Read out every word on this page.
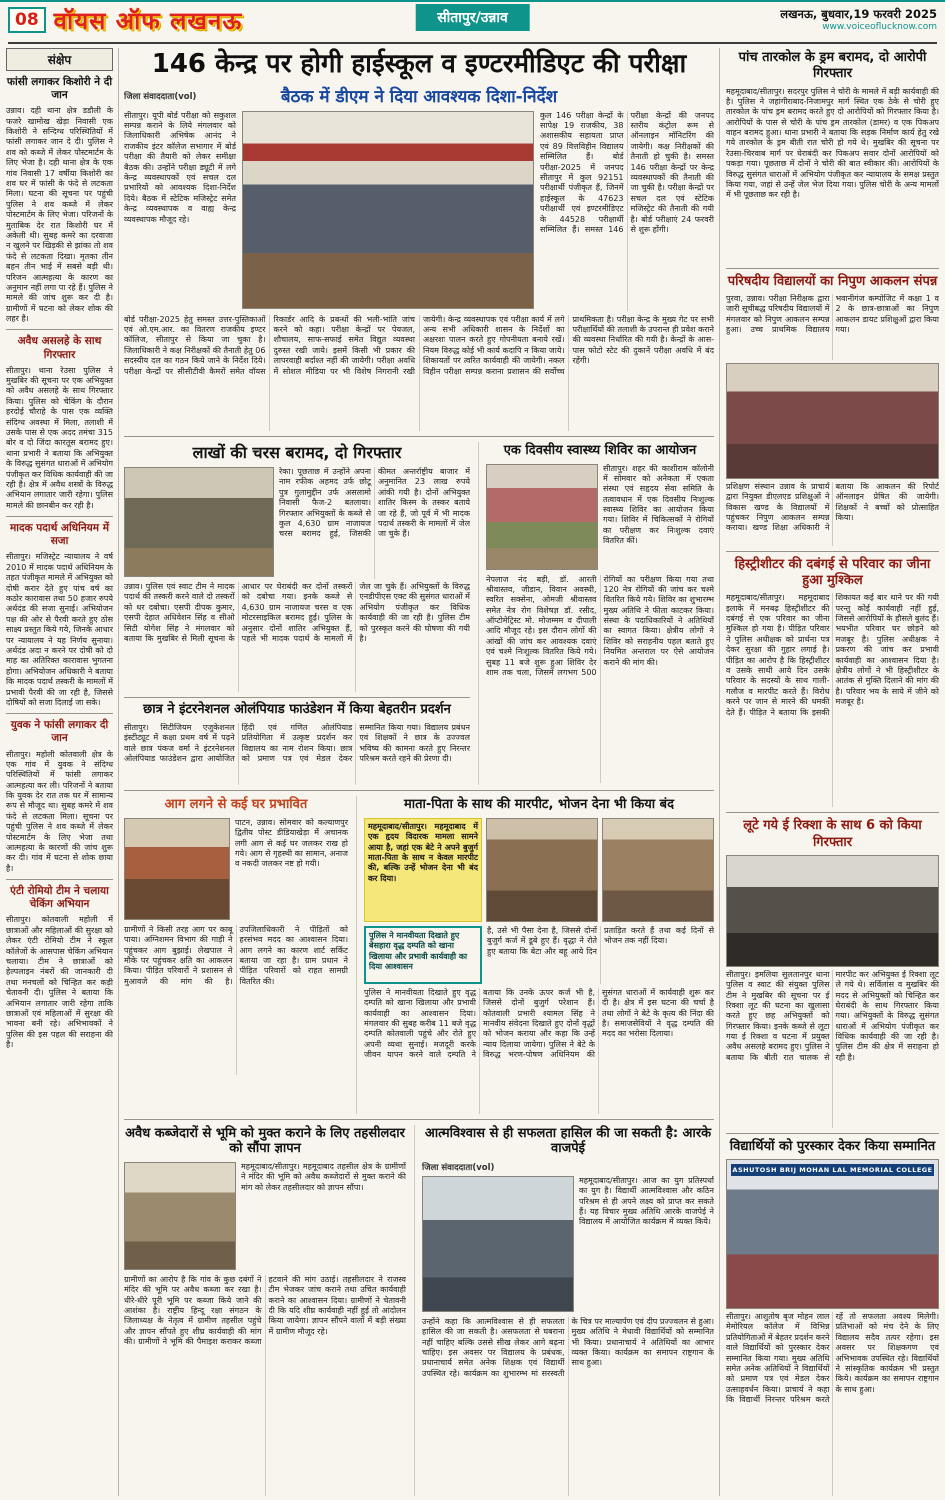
08 वॉयस ऑफ लखनऊ	लखनऊ, बुधवार,19 फरवरी 2025
www.voiceoflucknow.com
सीतापुर/उन्नाव
संक्षेप
फांसी लगाकर किशोरी ने दी जान

उन्नाव। दही थाना क्षेत्र डडौली के फजरे खामोख खेड़ा निवासी एक किशोरी ने सन्दिग्ध परिस्थितियों में फांसी लगाकर जान दे दी। पुलिस ने शव को कब्जे में लेकर पोस्टमार्टम के लिए भेजा है। दही थाना क्षेत्र के एक गांव निवासी 17 वर्षीया किशोरी का शव घर में फांसी के फंदे से लटकता मिला। घटना की सूचना पर पहुंची पुलिस ने शव कब्जे में लेकर पोस्टमार्टम के लिए भेजा। परिजनों के मुताबिक देर रात किशोरी घर में अकेली थी। सुबह कमरे का दरवाजा न खुलने पर खिड़की से झांका तो शव फंदे से लटकता दिखा। मृतका तीन बहन तीन भाई में सबसे बड़ी थी। परिजन आत्महत्या के कारण का अनुमान नहीं लगा पा रहे हैं। पुलिस ने मामले की जांच शुरू कर दी है। ग्रामीणों में घटना को लेकर शोक की लहर है।

अवैध असलहे के साथ गिरफ्तार

सीतापुर। थाना रेउसा पुलिस ने मुखबिर की सूचना पर एक अभियुक्त को अवैध असलहे के साथ गिरफ्तार किया। पुलिस को चेकिंग के दौरान हरदोई चौराहे के पास एक व्यक्ति संदिग्ध अवस्था में मिला, तलाशी में उसके पास से एक अदद तमंचा 315 बोर व दो जिंदा कारतूस बरामद हुए। थाना प्रभारी ने बताया कि अभियुक्त के विरुद्ध सुसंगत धाराओं में अभियोग पंजीकृत कर विधिक कार्यवाही की जा रही है। क्षेत्र में अवैध शस्त्रों के विरुद्ध अभियान लगातार जारी रहेगा। पुलिस मामले की छानबीन कर रही है।

मादक पदार्थ अधिनियम में सजा

सीतापुर। मजिस्ट्रेट न्यायालय ने वर्ष 2010 में मादक पदार्थ अधिनियम के तहत पंजीकृत मामले में अभियुक्त को दोषी करार देते हुए पांच वर्ष का कठोर कारावास तथा 50 हजार रुपये अर्थदंड की सजा सुनाई। अभियोजन पक्ष की ओर से पैरवी करते हुए ठोस साक्ष्य प्रस्तुत किये गये, जिनके आधार पर न्यायालय ने यह निर्णय सुनाया। अर्थदंड अदा न करने पर दोषी को दो माह का अतिरिक्त कारावास भुगतना होगा। अभियोजन अधिकारी ने बताया कि मादक पदार्थ तस्करी के मामलों में प्रभावी पैरवी की जा रही है, जिससे दोषियों को सजा दिलाई जा सके।

युवक ने फांसी लगाकर दी जान

सीतापुर। महोली कोतवाली क्षेत्र के एक गांव में युवक ने संदिग्ध परिस्थितियों में फांसी लगाकर आत्महत्या कर ली। परिजनों ने बताया कि युवक देर रात तक घर में सामान्य रूप से मौजूद था। सुबह कमरे में शव फंदे से लटकता मिला। सूचना पर पहुंची पुलिस ने शव कब्जे में लेकर पोस्टमार्टम के लिए भेजा तथा आत्महत्या के कारणों की जांच शुरू कर दी। गांव में घटना से शोक छाया है।

एंटी रोमियो टीम ने चलाया चेकिंग अभियान

सीतापुर। कोतवाली महोली में छात्राओं और महिलाओं की सुरक्षा को लेकर एंटी रोमियो टीम ने स्कूल कॉलेजों के आसपास चेकिंग अभियान चलाया। टीम ने छात्राओं को हेल्पलाइन नंबरों की जानकारी दी तथा मनचलों को चिन्हित कर कड़ी चेतावनी दी। पुलिस ने बताया कि अभियान लगातार जारी रहेगा ताकि छात्राओं एवं महिलाओं में सुरक्षा की भावना बनी रहे। अभिभावकों ने पुलिस की इस पहल की सराहना की है।

146 केन्द्र पर होगी हाईस्कूल व इण्टरमीडिएट की परीक्षा
जिला संवाददाता(vol)	बैठक में डीएम ने दिया आवश्यक दिशा-निर्देश

सीतापुर। यूपी बोर्ड परीक्षा को सकुशल सम्पन्न कराने के लिये मंगलवार को जिलाधिकारी अभिषेक आनंद ने राजकीय इंटर कॉलेज सभागार में बोर्ड परीक्षा की तैयारी को लेकर समीक्षा बैठक की। उन्होंने परीक्षा ड्यूटी में लगे केन्द्र व्यवस्थापकों एवं सचल दल प्रभारियों को आवश्यक दिशा-निर्देश दिये। बैठक में स्टेटिक मजिस्ट्रेट समेत केन्द्र व्यवस्थापक व वाह्य केन्द्र व्यवस्थापक मौजूद रहे।

कुल 146 परीक्षा केन्द्रों के सापेक्ष 19 राजकीय, 38 अशासकीय सहायता प्राप्त एवं 89 वित्तविहीन विद्यालय सम्मिलित हैं। बोर्ड परीक्षा-2025 में जनपद सीतापुर में कुल 92151 परीक्षार्थी पंजीकृत हैं, जिनमें हाईस्कूल के 47623 परीक्षार्थी एवं इण्टरमीडिएट के 44528 परीक्षार्थी सम्मिलित हैं। समस्त 146 परीक्षा केन्द्रों की जनपद स्तरीय कंट्रोल रूम से ऑनलाइन मॉनिटरिंग की जायेगी। कक्ष निरीक्षकों की तैनाती हो चुकी है। समस्त 146 परीक्षा केन्द्रों पर केन्द्र व्यवस्थापकों की तैनाती की जा चुकी है। परीक्षा केन्द्रों पर सचल दल एवं स्टेटिक मजिस्ट्रेट की तैनाती की गयी है। बोर्ड परीक्षाएं 24 फरवरी से शुरू होंगी।

बोर्ड परीक्षा-2025 हेतु समस्त उत्तर-पुस्तिकाओं एवं ओ.एम.आर. का वितरण राजकीय इण्टर कॉलिज, सीतापुर से किया जा चुका है। जिलाधिकारी ने कक्ष निरीक्षकों की तैनाती हेतु 06 सदस्यीय दल का गठन किये जाने के निर्देश दिये। परीक्षा केन्द्रों पर सीसीटीवी कैमरों समेत वॉयस रिकार्डर आदि के प्रबन्धों की भली-भांति जांच करने को कहा। परीक्षा केन्द्रों पर पेयजल, शौचालय, साफ-सफाई समेत विद्युत व्यवस्था दुरुस्त रखी जाये। इसमें किसी भी प्रकार की लापरवाही बर्दाश्त नहीं की जायेगी। परीक्षा अवधि में सोशल मीडिया पर भी विशेष निगरानी रखी जायेगी। केन्द्र व्यवस्थापक एवं परीक्षा कार्य में लगे अन्य सभी अधिकारी शासन के निर्देशों का अक्षरशः पालन करते हुए गोपनीयता बनाये रखें। नियम विरुद्ध कोई भी कार्य कदापि न किया जाये। शिकायतों पर त्वरित कार्यवाही की जायेगी। नकल विहीन परीक्षा सम्पन्न कराना प्रशासन की सर्वोच्च प्राथमिकता है। परीक्षा केन्द्र के मुख्य गेट पर सभी परीक्षार्थियों की तलाशी के उपरान्त ही प्रवेश कराने की व्यवस्था निर्धारित की गयी है। केन्द्रों के आस-पास फोटो स्टेट की दुकानें परीक्षा अवधि में बंद रहेंगी।

लाखों की चरस बरामद, दो गिरफ्तार

रेका। पूछताछ में उन्होंने अपना नाम रफीक अहमद उर्फ छोटू पुत्र गुलामुद्दीन उर्फ असलामो निवासी फैज-2 बतलाया। गिरफ्तार अभियुक्तों के कब्जे से कुल 4,630 ग्राम नाजायज चरस बरामद हुई, जिसकी कीमत अन्तर्राष्ट्रीय बाजार में अनुमानित 23 लाख रुपये आंकी गयी है। दोनों अभियुक्त शातिर किस्म के तस्कर बताये जा रहे हैं, जो पूर्व में भी मादक पदार्थ तस्करी के मामलों में जेल जा चुके हैं।

उन्नाव। पुलिस एवं स्वाट टीम ने मादक पदार्थ की तस्करी करने वाले दो तस्करों को धर दबोचा। एसपी दीपक कुमार, एसपी देहात अधिवेशन सिंह व सीओ सिटी योगेश सिंह ने मंगलवार को बताया कि मुखबिर से मिली सूचना के आधार पर घेराबंदी कर दोनों तस्करों को दबोचा गया। इनके कब्जे से 4,630 ग्राम नाजायज चरस व एक मोटरसाइकिल बरामद हुई। पुलिस के अनुसार दोनों शातिर अभियुक्त हैं, पहले भी मादक पदार्थ के मामलों में जेल जा चुके हैं। अभियुक्तों के विरुद्ध एनडीपीएस एक्ट की सुसंगत धाराओं में अभियोग पंजीकृत कर विधिक कार्यवाही की जा रही है। पुलिस टीम को पुरस्कृत करने की घोषणा की गयी है।

छात्र ने इंटरनेशनल ओलंपियाड फाउंडेशन में किया बेहतरीन प्रदर्शन

सीतापुर। सिटीजियम एजुकेशनल इंस्टीट्यूट में कक्षा प्रथम वर्ष में पढ़ने वाले छात्र पंकज वर्मा ने इंटरनेशनल ओलंपियाड फाउंडेशन द्वारा आयोजित हिंदी एवं गणित ओलंपियाड प्रतियोगिता में उत्कृष्ट प्रदर्शन कर विद्यालय का नाम रोशन किया। छात्र को प्रमाण पत्र एवं मेडल देकर सम्मानित किया गया। विद्यालय प्रबंधन एवं शिक्षकों ने छात्र के उज्ज्वल भविष्य की कामना करते हुए निरन्तर परिश्रम करते रहने की प्रेरणा दी।

एक दिवसीय स्वास्थ्य शिविर का आयोजन

सीतापुर। शहर की काशीराम कॉलोनी में सोमवार को अनेकता में एकता संस्था एवं सहृदय सेवा समिति के तत्वावधान में एक दिवसीय निःशुल्क स्वास्थ्य शिविर का आयोजन किया गया। शिविर में चिकित्सकों ने रोगियों का परीक्षण कर निःशुल्क दवाएं वितरित कीं।

नेपलाज नंद बड़ी, डॉ. आरती श्रीवास्तव, जीडान, विवान अवस्थी, स्वरित सक्सेना, ओमजी श्रीवास्तव समेत नेत्र रोग विशेषज्ञ डॉ. रसीद, ऑप्टोमेट्रिस्ट मो. मोजम्मम व दीपाली आदि मौजूद रहे। इस दौरान लोगों की आंखों की जांच कर आवश्यक दवाएं एवं चश्मे निःशुल्क वितरित किये गये। सुबह 11 बजे शुरू हुआ शिविर देर शाम तक चला, जिसमें लगभग 500 रोगियों का परीक्षण किया गया तथा 120 नेत्र रोगियों की जांच कर चश्मे वितरित किये गये। शिविर का शुभारम्भ मुख्य अतिथि ने फीता काटकर किया। संस्था के पदाधिकारियों ने अतिथियों का स्वागत किया। क्षेत्रीय लोगों ने शिविर को सराहनीय पहल बताते हुए नियमित अन्तराल पर ऐसे आयोजन कराने की मांग की।

आग लगने से कई घर प्रभावित

पाटन, उन्नाव। सोमवार को कल्याणपुर द्वितीय पोस्ट डीडियाखेड़ा में अचानक लगी आग से कई घर जलकर राख हो गये। आग से गृहस्थी का सामान, अनाज व नकदी जलकर नष्ट हो गयी।

ग्रामीणों ने किसी तरह आग पर काबू पाया। अग्निशमन विभाग की गाड़ी ने पहुंचकर आग बुझाई। लेखपाल ने मौके पर पहुंचकर क्षति का आकलन किया। पीड़ित परिवारों ने प्रशासन से मुआवजे की मांग की है। उपजिलाधिकारी ने पीड़ितों को हरसंभव मदद का आश्वासन दिया। आग लगने का कारण शार्ट सर्किट बताया जा रहा है। ग्राम प्रधान ने पीड़ित परिवारों को राहत सामग्री वितरित की।

माता-पिता के साथ की मारपीट, भोजन देना भी किया बंद
महमूदाबाद/सीतापुर। महमूदाबाद में एक हृदय विदारक मामला सामने आया है, जहां एक बेटे ने अपने बुजुर्ग माता-पिता के साथ न केवल मारपीट की, बल्कि उन्हें भोजन देना भी बंद कर दिया।
पुलिस ने मानवीयता दिखाते हुए बेसहारा वृद्ध दम्पति को खाना खिलाया और प्रभावी कार्यवाही का दिया आश्वासन

है, उसे भी पैसा देना है, जिससे दोनों बुजुर्ग कर्ज में डूबे हुए हैं। वृद्धा ने रोते हुए बताया कि बेटा और बहू आये दिन प्रताड़ित करते हैं तथा कई दिनों से भोजन तक नहीं दिया।

पुलिस ने मानवीयता दिखाते हुए वृद्ध दम्पति को खाना खिलाया और प्रभावी कार्यवाही का आश्वासन दिया। मंगलवार की सुबह करीब 11 बजे वृद्ध दम्पति कोतवाली पहुंचे और रोते हुए अपनी व्यथा सुनाई। मजदूरी करके जीवन यापन करने वाले दम्पति ने बताया कि उनके ऊपर कर्ज भी है, जिससे दोनों बुजुर्ग परेशान हैं। कोतवाली प्रभारी श्यामल सिंह ने मानवीय संवेदना दिखाते हुए दोनों वृद्धों को भोजन कराया और कहा कि उन्हें न्याय दिलाया जायेगा। पुलिस ने बेटे के विरुद्ध भरण-पोषण अधिनियम की सुसंगत धाराओं में कार्यवाही शुरू कर दी है। क्षेत्र में इस घटना की चर्चा है तथा लोगों ने बेटे के कृत्य की निंदा की है। समाजसेवियों ने वृद्ध दम्पति की मदद का भरोसा दिलाया।

अवैध कब्जेदारों से भूमि को मुक्त कराने के लिए तहसीलदार को सौंपा ज्ञापन

महमूदाबाद/सीतापुर। महमूदाबाद तहसील क्षेत्र के ग्रामीणों ने मंदिर की भूमि को अवैध कब्जेदारों से मुक्त कराने की मांग को लेकर तहसीलदार को ज्ञापन सौंपा।

ग्रामीणों का आरोप है कि गांव के कुछ दबंगों ने मंदिर की भूमि पर अवैध कब्जा कर रखा है। धीरे-धीरे पूरी भूमि पर कब्जा किये जाने की आशंका है। राष्ट्रीय हिन्दू रक्षा संगठन के जिलाध्यक्ष के नेतृत्व में ग्रामीण तहसील पहुंचे और ज्ञापन सौंपते हुए शीघ्र कार्यवाही की मांग की। ग्रामीणों ने भूमि की पैमाइश कराकर कब्जा हटवाने की मांग उठाई। तहसीलदार ने राजस्व टीम भेजकर जांच कराने तथा उचित कार्यवाही कराने का आश्वासन दिया। ग्रामीणों ने चेतावनी दी कि यदि शीघ्र कार्यवाही नहीं हुई तो आंदोलन किया जायेगा। ज्ञापन सौंपने वालों में बड़ी संख्या में ग्रामीण मौजूद रहे।

आत्मविश्वास से ही सफलता हासिल की जा सकती है: आरके वाजपेई
जिला संवाददाता(vol)

महमूदाबाद/सीतापुर। आज का युग प्रतिस्पर्धा का युग है। विद्यार्थी आत्मविश्वास और कठिन परिश्रम से ही अपने लक्ष्य को प्राप्त कर सकते हैं। यह विचार मुख्य अतिथि आरके वाजपेई ने विद्यालय में आयोजित कार्यक्रम में व्यक्त किये।

उन्होंने कहा कि आत्मविश्वास से ही सफलता हासिल की जा सकती है। असफलता से घबराना नहीं चाहिए बल्कि उससे सीख लेकर आगे बढ़ना चाहिए। इस अवसर पर विद्यालय के प्रबंधक, प्रधानाचार्य समेत अनेक शिक्षक एवं विद्यार्थी उपस्थित रहे। कार्यक्रम का शुभारम्भ मां सरस्वती के चित्र पर माल्यार्पण एवं दीप प्रज्ज्वलन से हुआ। मुख्य अतिथि ने मेधावी विद्यार्थियों को सम्मानित भी किया। प्रधानाचार्य ने अतिथियों का आभार व्यक्त किया। कार्यक्रम का समापन राष्ट्रगान के साथ हुआ।

पांच तारकोल के ड्रम बरामद, दो आरोपी गिरफ्तार

महमूदाबाद/सीतापुर। सदरपुर पुलिस ने चोरी के मामले में बड़ी कार्यवाही की है। पुलिस ने जहांगीराबाद-निजामपुर मार्ग स्थित एक ठेके से चोरी हुए तारकोल के पांच ड्रम बरामद करते हुए दो आरोपियों को गिरफ्तार किया है। आरोपियों के पास से चोरी के पांच ड्रम तारकोल (डामर) व एक पिकअप वाहन बरामद हुआ। थाना प्रभारी ने बताया कि सड़क निर्माण कार्य हेतु रखे गये तारकोल के ड्रम बीती रात चोरी हो गये थे। मुखबिर की सूचना पर रेउसा-चिरवाब मार्ग पर घेराबंदी कर पिकअप सवार दोनों आरोपियों को पकड़ा गया। पूछताछ में दोनों ने चोरी की बात स्वीकार की। आरोपियों के विरुद्ध सुसंगत धाराओं में अभियोग पंजीकृत कर न्यायालय के समक्ष प्रस्तुत किया गया, जहां से उन्हें जेल भेज दिया गया। पुलिस चोरी के अन्य मामलों में भी पूछताछ कर रही है।

परिषदीय विद्यालयों का निपुण आकलन संपन्न

पुरवा, उन्नाव। परीक्षा निरीक्षक द्वारा जारी सूचीबद्ध परिषदीय विद्यालयों में मंगलवार को निपुण आकलन सम्पन्न हुआ। उच्च प्राथमिक विद्यालय भवानीगंज कम्पोजिट में कक्षा 1 व 2 के छात्र-छात्राओं का निपुण आकलन डायट प्रशिक्षुओं द्वारा किया गया।

प्रशिक्षण संस्थान उन्नाव के प्राचार्य द्वारा नियुक्त डीएलएड प्रशिक्षुओं ने विकास खण्ड के विद्यालयों में पहुंचकर निपुण आकलन सम्पन्न कराया। खण्ड शिक्षा अधिकारी ने बताया कि आकलन की रिपोर्ट ऑनलाइन प्रेषित की जायेगी। शिक्षकों ने बच्चों को प्रोत्साहित किया।

हिस्ट्रीशीटर की दबंगई से परिवार का जीना हुआ मुश्किल

महमूदाबाद/सीतापुर। महमूदाबाद इलाके में मनबढ़ हिस्ट्रीशीटर की दबंगई से एक परिवार का जीना मुश्किल हो गया है। पीड़ित परिवार ने पुलिस अधीक्षक को प्रार्थना पत्र देकर सुरक्षा की गुहार लगाई है। पीड़ित का आरोप है कि हिस्ट्रीशीटर व उसके साथी आये दिन उसके परिवार के सदस्यों के साथ गाली-गलौज व मारपीट करते हैं। विरोध करने पर जान से मारने की धमकी देते हैं। पीड़ित ने बताया कि इसकी शिकायत कई बार थाने पर की गयी परन्तु कोई कार्यवाही नहीं हुई, जिससे आरोपियों के हौसले बुलंद हैं। भयभीत परिवार घर छोड़ने को मजबूर है। पुलिस अधीक्षक ने प्रकरण की जांच कर प्रभावी कार्यवाही का आश्वासन दिया है। क्षेत्रीय लोगों ने भी हिस्ट्रीशीटर के आतंक से मुक्ति दिलाने की मांग की है। परिवार भय के साये में जीने को मजबूर है।

लूटे गये ई रिक्शा के साथ 6 को किया गिरफ्तार

सीतापुर। इमलिया सुलतानपुर थाना पुलिस व स्वाट की संयुक्त पुलिस टीम ने मुखबिर की सूचना पर ई रिक्शा लूट की घटना का खुलासा करते हुए छह अभियुक्तों को गिरफ्तार किया। इनके कब्जे से लूटा गया ई रिक्शा व घटना में प्रयुक्त अवैध असलहे बरामद हुए। पुलिस ने बताया कि बीती रात चालक से मारपीट कर अभियुक्त ई रिक्शा लूट ले गये थे। सर्विलांस व मुखबिर की मदद से अभियुक्तों को चिन्हित कर घेराबंदी के साथ गिरफ्तार किया गया। अभियुक्तों के विरुद्ध सुसंगत धाराओं में अभियोग पंजीकृत कर विधिक कार्यवाही की जा रही है। पुलिस टीम की क्षेत्र में सराहना हो रही है।

विद्यार्थियों को पुरस्कार देकर किया सम्मानित
ASHUTOSH BRIJ MOHAN LAL MEMORIAL COLLEGE

सीतापुर। आशुतोष बृज मोहन लाल मेमोरियल कॉलेज में विभिन्न प्रतियोगिताओं में बेहतर प्रदर्शन करने वाले विद्यार्थियों को पुरस्कार देकर सम्मानित किया गया। मुख्य अतिथि समेत अनेक अतिथियों ने विद्यार्थियों को प्रमाण पत्र एवं मेडल देकर उत्साहवर्धन किया। प्राचार्य ने कहा कि विद्यार्थी निरन्तर परिश्रम करते रहें तो सफलता अवश्य मिलेगी। प्रतिभाओं को मंच देने के लिए विद्यालय सदैव तत्पर रहेगा। इस अवसर पर शिक्षकगण एवं अभिभावक उपस्थित रहे। विद्यार्थियों ने सांस्कृतिक कार्यक्रम भी प्रस्तुत किये। कार्यक्रम का समापन राष्ट्रगान के साथ हुआ।
